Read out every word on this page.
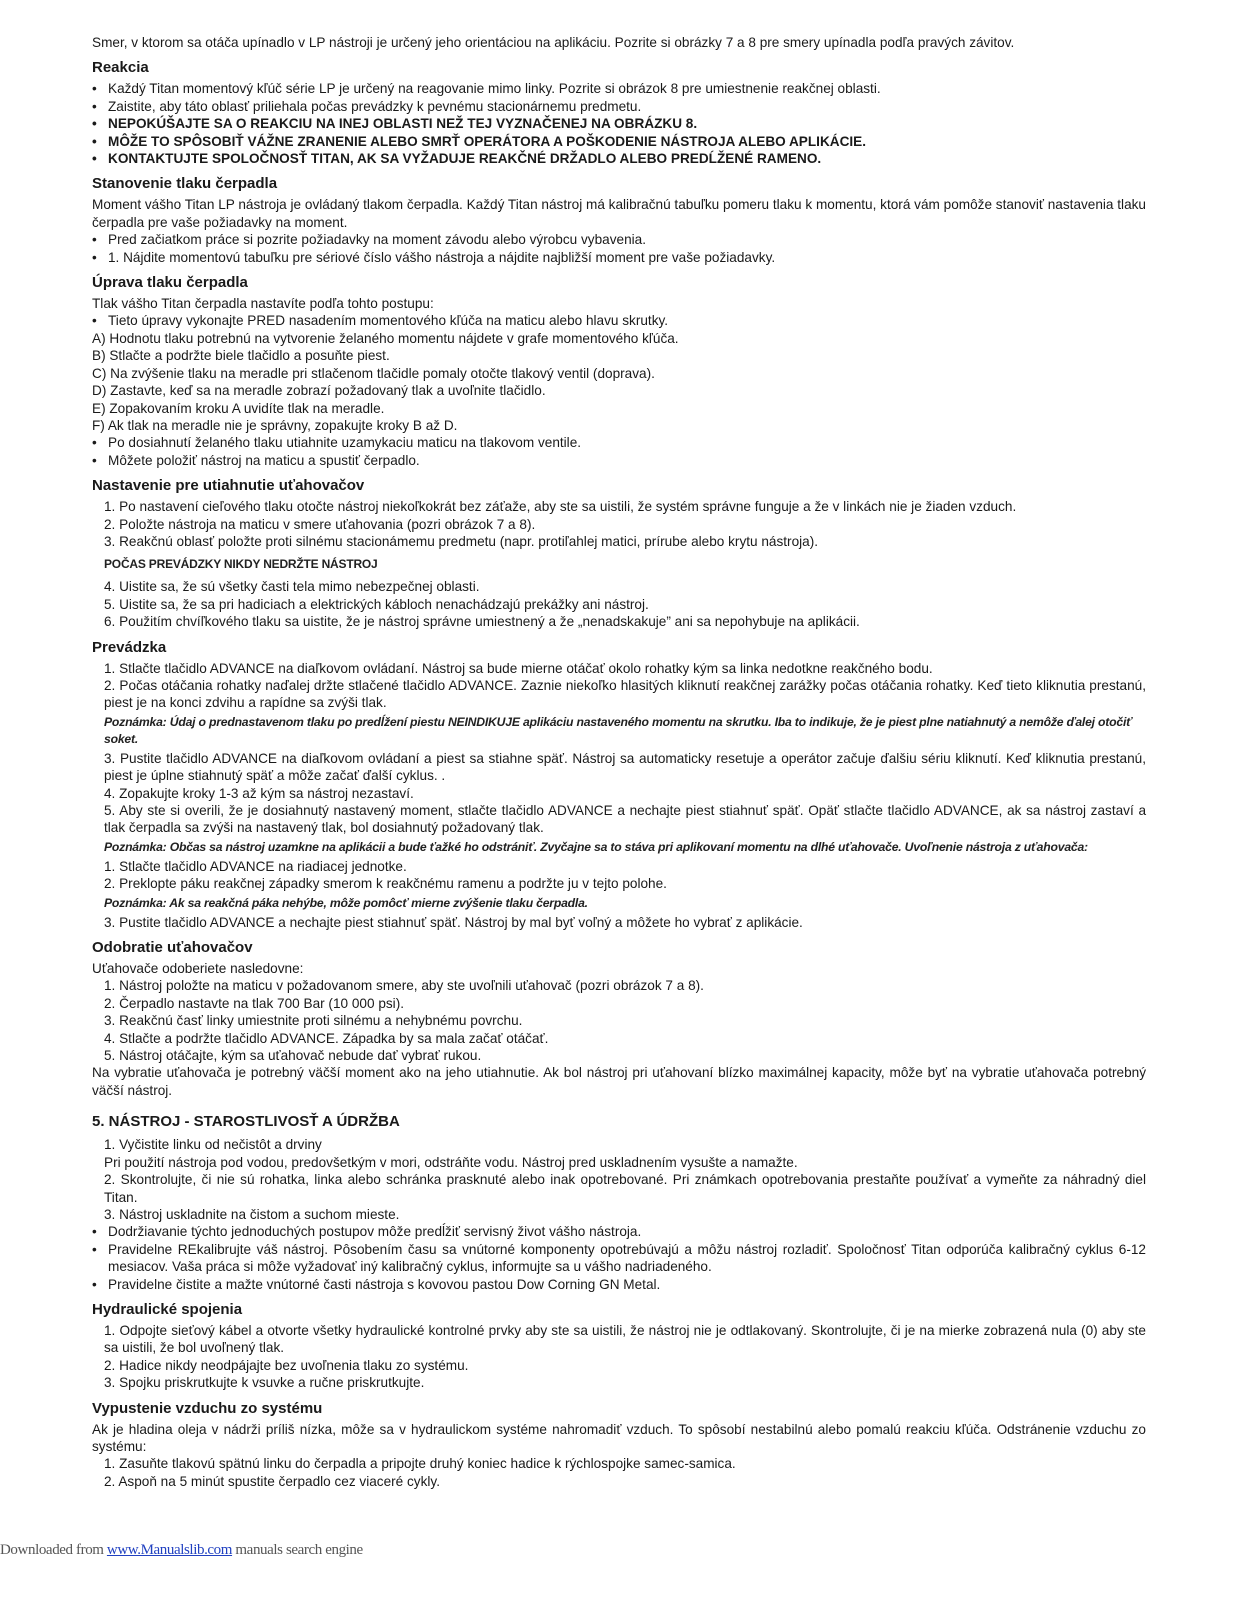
Smer, v ktorom sa otáča upínadlo v LP nástroji je určený jeho orientáciou na aplikáciu. Pozrite si obrázky 7 a 8 pre smery upínadla podľa pravých závitov.

Reakcia

• Každý Titan momentový kľúč série LP je určený na reagovanie mimo linky. Pozrite si obrázok 8 pre umiestnenie reakčnej oblasti.

• Zaistite, aby táto oblasť priliehala počas prevádzky k pevnému stacionárnemu predmetu.

• NEPOKÚŠAJTE SA O REAKCIU NA INEJ OBLASTI NEŽ TEJ VYZNAČENEJ NA OBRÁZKU 8.

• MÔŽE TO SPÔSOBIŤ VÁŽNE ZRANENIE ALEBO SMRŤ OPERÁTORA A POŠKODENIE NÁSTROJA ALEBO APLIKÁCIE.

• KONTAKTUJTE SPOLOČNOSŤ TITAN, AK SA VYŽADUJE REAKČNÉ DRŽADLO ALEBO PREDĹŽENÉ RAMENO.

Stanovenie tlaku čerpadla

Moment vášho Titan LP nástroja je ovládaný tlakom čerpadla. Každý Titan nástroj má kalibračnú tabuľku pomeru tlaku k momentu, ktorá vám pomôže stanoviť nastavenia tlaku čerpadla pre vaše požiadavky na moment.

• Pred začiatkom práce si pozrite požiadavky na moment závodu alebo výrobcu vybavenia.

• 1. Nájdite momentovú tabuľku pre sériové číslo vášho nástroja a nájdite najbližší moment pre vaše požiadavky.

Úprava tlaku čerpadla

Tlak vášho Titan čerpadla nastavíte podľa tohto postupu:

• Tieto úpravy vykonajte PRED nasadením momentového kľúča na maticu alebo hlavu skrutky.

A) Hodnotu tlaku potrebnú na vytvorenie želaného momentu nájdete v grafe momentového kľúča.

B) Stlačte a podržte biele tlačidlo a posuňte piest.

C) Na zvýšenie tlaku na meradle pri stlačenom tlačidle pomaly otočte tlakový ventil (doprava).

D) Zastavte, keď sa na meradle zobrazí požadovaný tlak a uvoľnite tlačidlo.

E) Zopakovaním kroku A uvidíte tlak na meradle.

F) Ak tlak na meradle nie je správny, zopakujte kroky B až D.

• Po dosiahnutí želaného tlaku utiahnite uzamykaciu maticu na tlakovom ventile.

• Môžete položiť nástroj na maticu a spustiť čerpadlo.

Nastavenie pre utiahnutie uťahovačov

1. Po nastavení cieľového tlaku otočte nástroj niekoľkokrát bez záťaže, aby ste sa uistili, že systém správne funguje a že v linkách nie je žiaden vzduch.

2. Položte nástroja na maticu v smere uťahovania (pozri obrázok 7 a 8).

3. Reakčnú oblasť položte proti silnému stacionámemu predmetu (napr. protiľahlej matici, prírube alebo krytu nástroja).

POČAS PREVÁDZKY NIKDY NEDRŽTE NÁSTROJ

4. Uistite sa, že sú všetky časti tela mimo nebezpečnej oblasti.

5. Uistite sa, že sa pri hadiciach a elektrických kábloch nenachádzajú prekážky ani nástroj.

6. Použitím chvíľkového tlaku sa uistite, že je nástroj správne umiestnený a že „nenadskakuje” ani sa nepohybuje na aplikácii.

Prevádzka

1. Stlačte tlačidlo ADVANCE na diaľkovom ovládaní. Nástroj sa bude mierne otáčať okolo rohatky kým sa linka nedotkne reakčného bodu.

2. Počas otáčania rohatky naďalej držte stlačené tlačidlo ADVANCE. Zaznie niekoľko hlasitých kliknutí reakčnej zarážky počas otáčania rohatky. Keď tieto kliknutia prestanú, piest je na konci zdvihu a rapídne sa zvýši tlak.

Poznámka: Údaj o prednastavenom tlaku po predĺžení piestu NEINDIKUJE aplikáciu nastaveného momentu na skrutku. Iba to indikuje, že je piest plne natiahnutý a nemôže ďalej otočiť soket.

3. Pustite tlačidlo ADVANCE na diaľkovom ovládaní a piest sa stiahne späť. Nástroj sa automaticky resetuje a operátor začuje ďalšiu sériu kliknutí. Keď kliknutia prestanú, piest je úplne stiahnutý späť a môže začať ďalší cyklus. .

4. Zopakujte kroky 1-3 až kým sa nástroj nezastaví.

5. Aby ste si overili, že je dosiahnutý nastavený moment, stlačte tlačidlo ADVANCE a nechajte piest stiahnuť späť. Opäť stlačte tlačidlo ADVANCE, ak sa nástroj zastaví a tlak čerpadla sa zvýši na nastavený tlak, bol dosiahnutý požadovaný tlak.

Poznámka: Občas sa nástroj uzamkne na aplikácii a bude ťažké ho odstrániť. Zvyčajne sa to stáva pri aplikovaní momentu na dlhé uťahovače. Uvoľnenie nástroja z uťahovača:

1. Stlačte tlačidlo ADVANCE na riadiacej jednotke.

2. Preklopte páku reakčnej západky smerom k reakčnému ramenu a podržte ju v tejto polohe.

Poznámka: Ak sa reakčná páka nehýbe, môže pomôcť mierne zvýšenie tlaku čerpadla.

3. Pustite tlačidlo ADVANCE a nechajte piest stiahnuť späť. Nástroj by mal byť voľný a môžete ho vybrať z aplikácie.

Odobratie uťahovačov

Uťahovače odoberiete nasledovne:

1. Nástroj položte na maticu v požadovanom smere, aby ste uvoľnili uťahovač (pozri obrázok 7 a 8).

2. Čerpadlo nastavte na tlak 700 Bar (10 000 psi).

3. Reakčnú časť linky umiestnite proti silnému a nehybnému povrchu.

4. Stlačte a podržte tlačidlo ADVANCE. Západka by sa mala začať otáčať.

5. Nástroj otáčajte, kým sa uťahovač nebude dať vybrať rukou.

Na vybratie uťahovača je potrebný väčší moment ako na jeho utiahnutie. Ak bol nástroj pri uťahovaní blízko maximálnej kapacity, môže byť na vybratie uťahovača potrebný väčší nástroj.

5. NÁSTROJ - STAROSTLIVOSŤ A ÚDRŽBA

1. Vyčistite linku od nečistôt a drviny

Pri použití nástroja pod vodou, predovšetkým v mori, odstráňte vodu. Nástroj pred uskladnením vysušte a namažte.

2. Skontrolujte, či nie sú rohatka, linka alebo schránka prasknuté alebo inak opotrebované. Pri známkach opotrebovania prestaňte používať a vymeňte za náhradný diel Titan.

3. Nástroj uskladnite na čistom a suchom mieste.

• Dodržiavanie týchto jednoduchých postupov môže predĺžiť servisný život vášho nástroja.

• Pravidelne REkalibrujte váš nástroj. Pôsobením času sa vnútorné komponenty opotrebúvajú a môžu nástroj rozladiť. Spoločnosť Titan odporúča kalibračný cyklus 6-12 mesiacov. Vaša práca si môže vyžadovať iný kalibračný cyklus, informujte sa u vášho nadriadeného.

• Pravidelne čistite a mažte vnútorné časti nástroja s kovovou pastou Dow Corning GN Metal.

Hydraulické spojenia

1. Odpojte sieťový kábel a otvorte všetky hydraulické kontrolné prvky aby ste sa uistili, že nástroj nie je odtlakovaný. Skontrolujte, či je na mierke zobrazená nula (0) aby ste sa uistili, že bol uvoľnený tlak.

2. Hadice nikdy neodpájajte bez uvoľnenia tlaku zo systému.

3. Spojku priskrutkujte k vsuvke a ručne priskrutkujte.

Vypustenie vzduchu zo systému

Ak je hladina oleja v nádrži príliš nízka, môže sa v hydraulickom systéme nahromadiť vzduch. To spôsobí nestabilnú alebo pomalú reakciu kľúča. Odstránenie vzduchu zo systému:

1. Zasuňte tlakovú spätnú linku do čerpadla a pripojte druhý koniec hadice k rýchlospojke samec-samica.

2. Aspoň na 5 minút spustite čerpadlo cez viaceré cykly.

Downloaded from www.Manualslib.com manuals search engine
